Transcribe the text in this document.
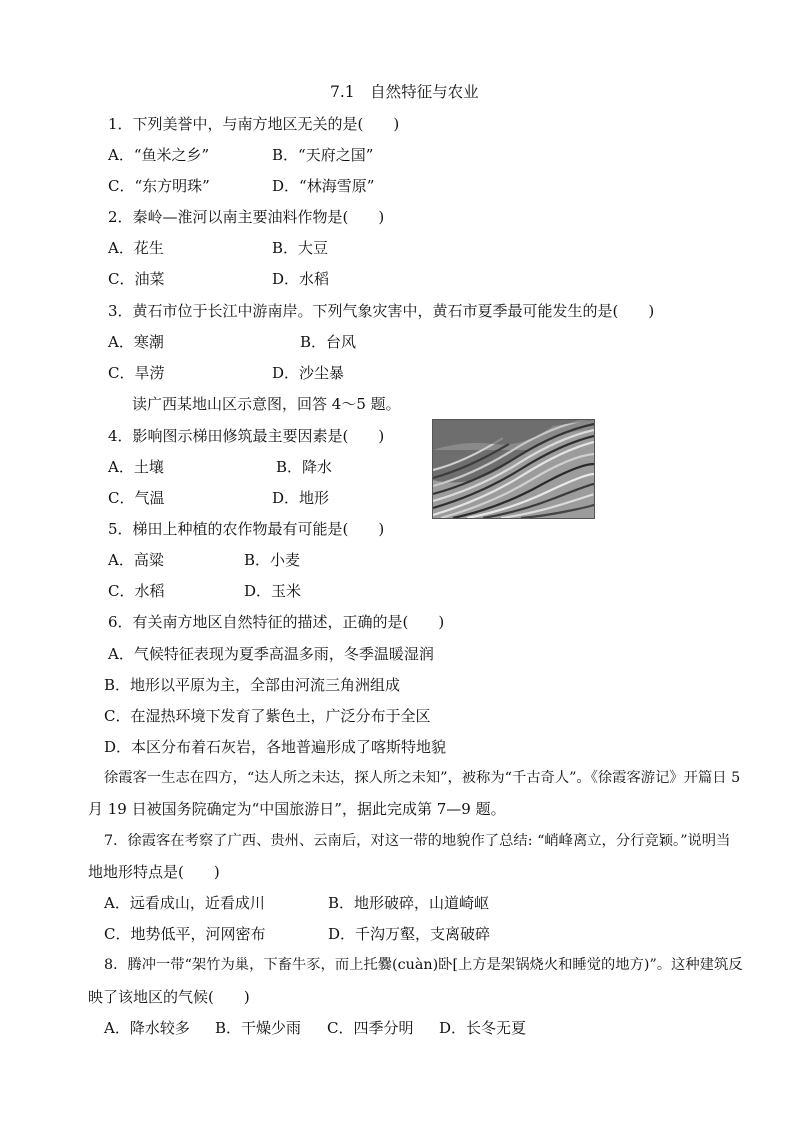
7.1　自然特征与农业
1．下列美誉中，与南方地区无关的是(　　)
A．“鱼米之乡”	B．“天府之国”
C．“东方明珠”	D．“林海雪原”
2．秦岭—淮河以南主要油料作物是(　　)
A．花生	B．大豆
C．油菜	D．水稻
3．黄石市位于长江中游南岸。下列气象灾害中，黄石市夏季最可能发生的是(　　)
A．寒潮	B．台风
C．旱涝	D．沙尘暴
读广西某地山区示意图，回答 4～5 题。
4．影响图示梯田修筑最主要因素是(　　)
A．土壤	B．降水
C．气温	D．地形
5．梯田上种植的农作物最有可能是(　　)
A．高粱	B．小麦
C．水稻	D．玉米
6．有关南方地区自然特征的描述，正确的是(　　)
A．气候特征表现为夏季高温多雨，冬季温暖湿润
B．地形以平原为主，全部由河流三角洲组成
C．在湿热环境下发育了紫色土，广泛分布于全区
D．本区分布着石灰岩，各地普遍形成了喀斯特地貌
徐霞客一生志在四方，“达人所之未达，探人所之未知”，被称为“千古奇人”。《徐霞客游记》开篇日 5
月 19 日被国务院确定为“中国旅游日”，据此完成第 7—9 题。
7．徐霞客在考察了广西、贵州、云南后，对这一带的地貌作了总结: “峭峰离立，分行竞颖。”说明当
地地形特点是(　　)
A．远看成山，近看成川	B．地形破碎，山道崎岖
C．地势低平，河网密布	D．千沟万壑，支离破碎
8．腾冲一带“架竹为巢，下畜牛豕，而上托爨(cuàn)卧[上方是架锅烧火和睡觉的地方)”。这种建筑反
映了该地区的气候(　　)
A．降水较多 B．干燥少雨 C．四季分明 D．长冬无夏
